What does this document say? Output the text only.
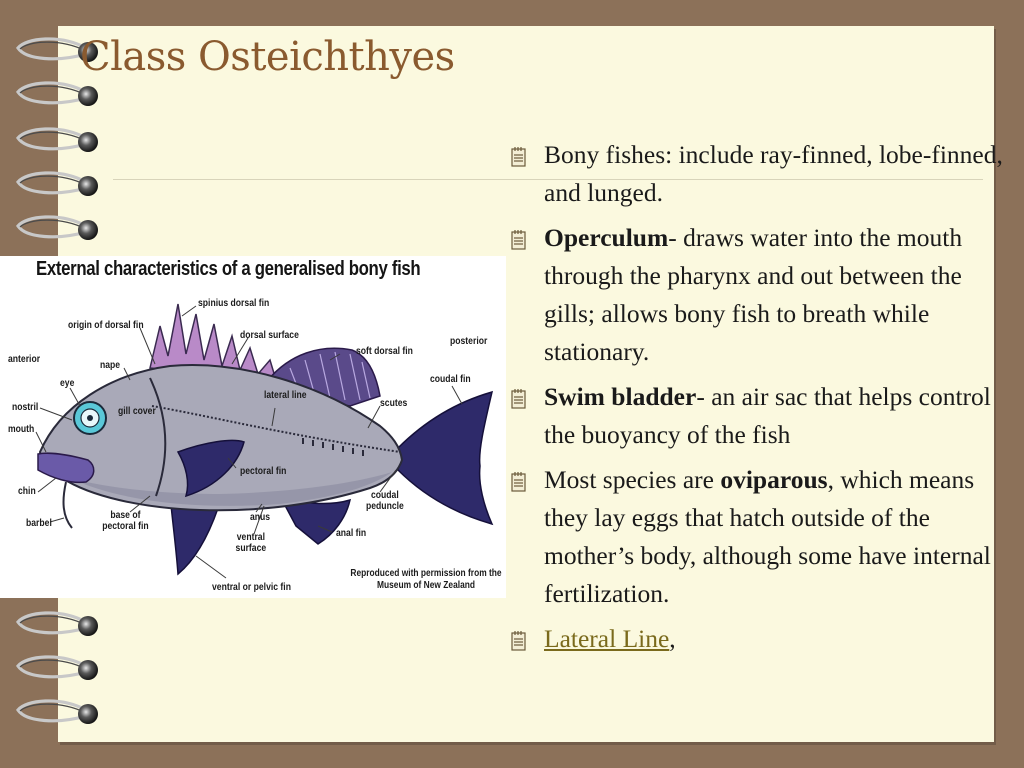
Class Osteichthyes
Bony fishes: include ray-finned, lobe-finned, and lunged.
Operculum- draws water into the mouth through the pharynx and out between the gills; allows bony fish to breath while stationary.
Swim bladder- an air sac that helps control the buoyancy of the fish
Most species are oviparous, which means they lay eggs that hatch outside of the mother’s body, although some have internal fertilization.
Lateral Line,
External characteristics of a generalised bony fish
spinius dorsal fin
origin of dorsal fin
dorsal surface	posterior
anterior	nape
soft dorsal fin
eye
lateral line
coudal fin
nostril	gill cover
scutes
mouth
pectoral fin
chin	coudal peduncle
barbel
base of pectoral fin
anus
ventral surface
anal fin
ventral or pelvic fin
Reproduced with permission from the Museum of New Zealand
